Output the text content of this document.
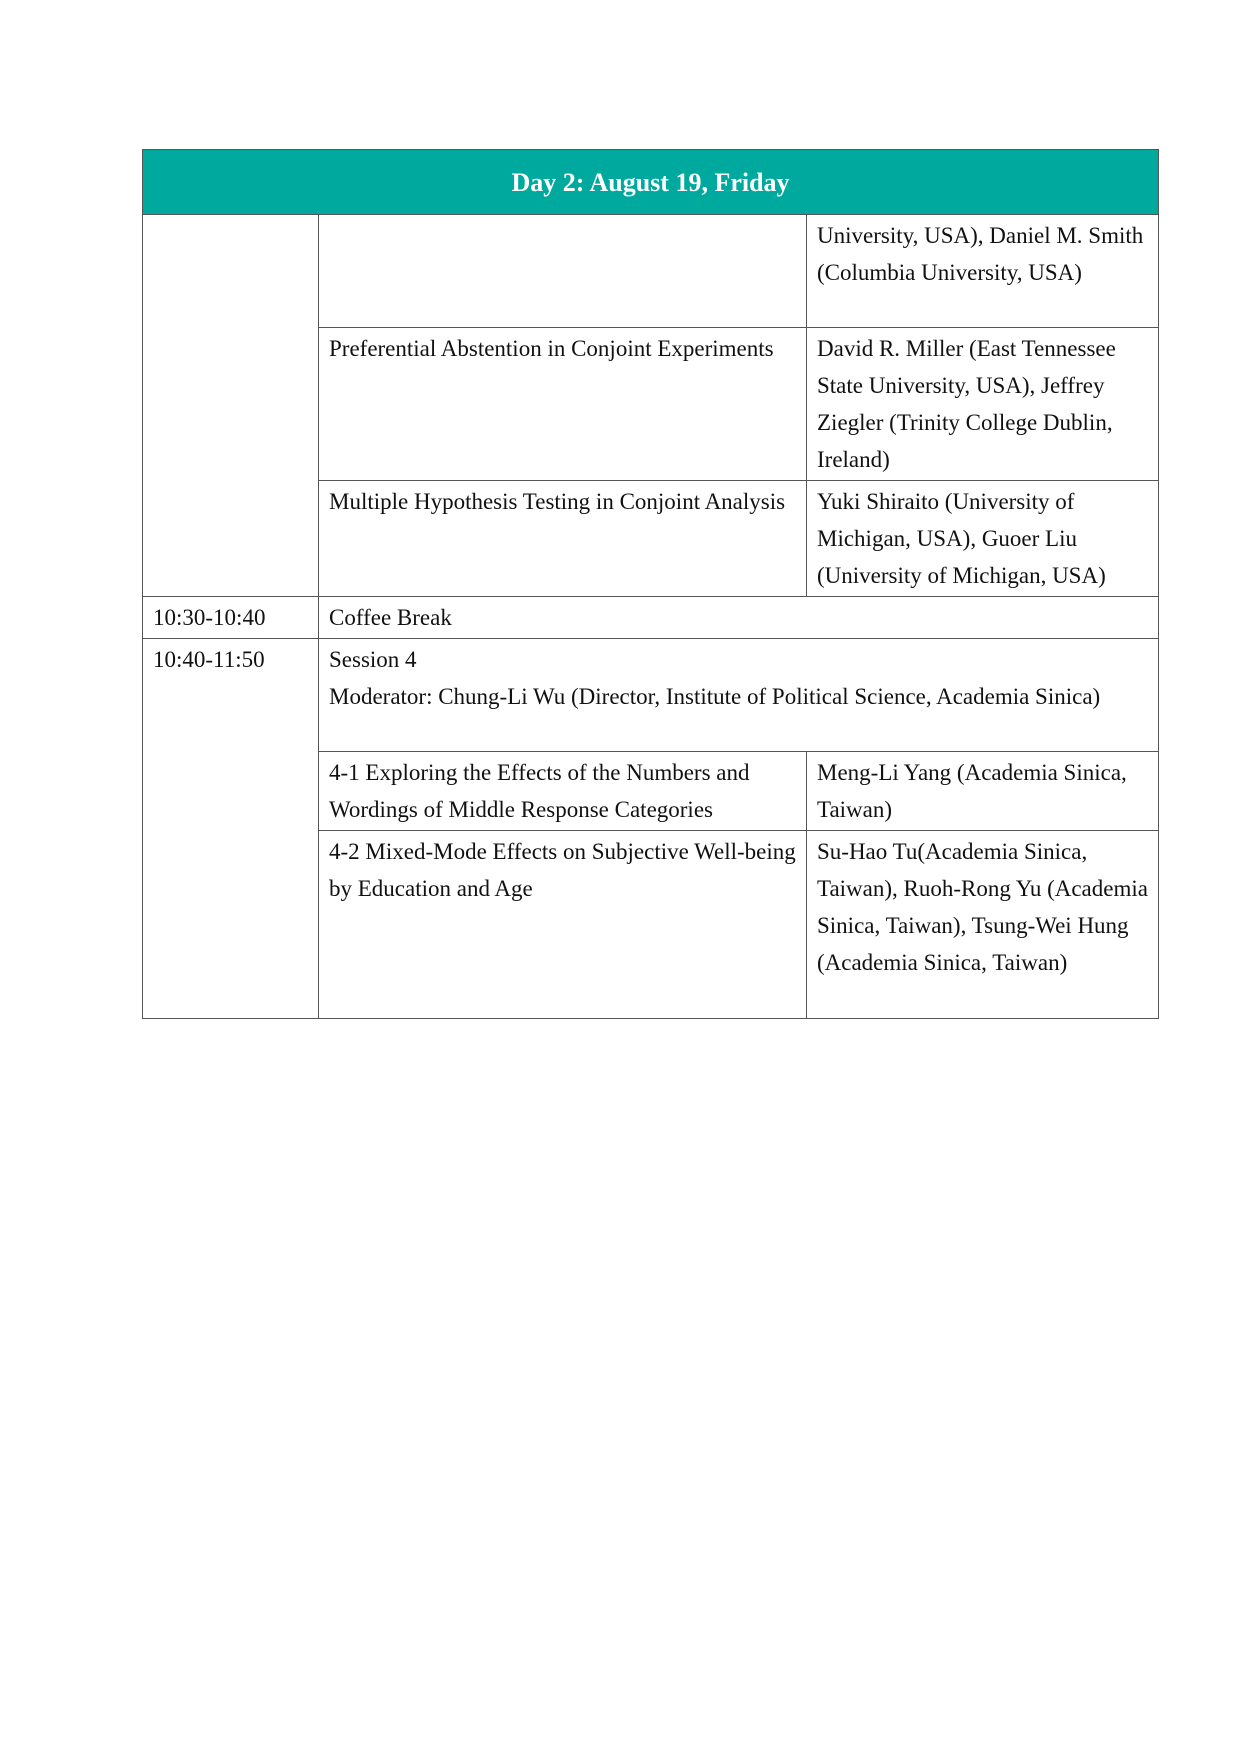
Day 2: August 19, Friday		
		University, USA), Daniel M. Smith (Columbia University, USA)
	Preferential Abstention in Conjoint Experiments	David R. Miller (East Tennessee State University, USA), Jeffrey Ziegler (Trinity College Dublin, Ireland)
	Multiple Hypothesis Testing in Conjoint Analysis	Yuki Shiraito (University of Michigan, USA), Guoer Liu (University of Michigan, USA)
10:30-10:40	Coffee Break	
10:40-11:50	Session 4
Moderator: Chung-Li Wu (Director, Institute of Political Science, Academia Sinica)	

	4-1 Exploring the Effects of the Numbers and Wordings of Middle Response Categories	Meng-Li Yang (Academia Sinica, Taiwan)
	4-2 Mixed-Mode Effects on Subjective Well-being by Education and Age	Su-Hao Tu(Academia Sinica, Taiwan), Ruoh-Rong Yu (Academia Sinica, Taiwan), Tsung-Wei Hung (Academia Sinica, Taiwan)
